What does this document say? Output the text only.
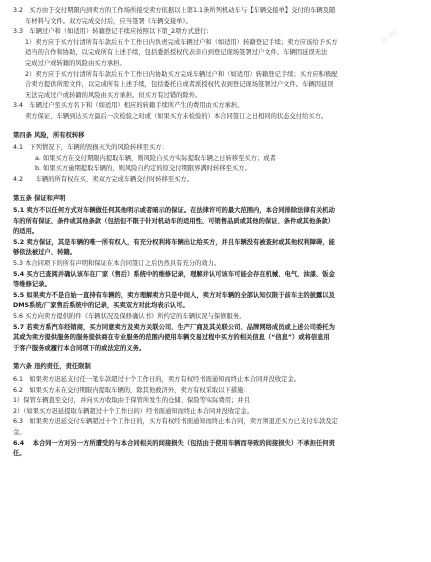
ai Hit

3.2　买方由于交付期限内到卖方的工作场所接受卖方依据以上第1.1条所列机动车与【车辆交接单】交付的车辆及随

车材料与文件。双方完成交付后，应当签署《车辆交接单》。

3.3　车辆过户和（如适用）转籍登记手续应按照以下第_2项方式进行:

1）卖方应于买方付清所有车款后五个工作日内负责完成车辆过户和（如适用）转籍登记手续；卖方应该给予买方

适当的合作和协助，以完成所有上述手续，包括委派授权代表亲自到登记现场签署过户文件。车辆因延误无法

完成过户或转籍的风险由买方承担。

2）卖方应于买方付清所有车款后五个工作日内协助买方完成车辆过户和（如适用）转籍登记手续；买方应积极配

合卖方提供所需文件，以完成所有上述手续，包括委托自或者派授权代表到登记现场签署过户文件。车辆因延误

无法完成过户或转籍的风险由买方承担。但买方有过错的除外。

3.4　车辆过户至买方名下和（如适用）相应的转籍手续所产生的费用由买方承担。

卖方保证，车辆到达买方最后一次检验之时或（如果买方未检验的）本合同签订之日相同的状态交付给买方。

第四条 风险，所有权转移

4.1　下列情况下，车辆的毁损灭失的风险转移至买方：

a. 如果买方在交付期限内提取车辆，则风险自买方实际提取车辆之日转移至买方；或者

b. 如果买方逾期提取车辆的，则风险自约定的原交付期限界满时转移至买方。

4.2　　车辆的所有权在买、卖双方完成车辆交付时转移至买方。

第五条 保证和声明

5.1 卖方不以任何方式对车辆做任何其他明示或者暗示的保证。在法律许可的最大范围内，本合同排除法律有关机动

车的所有保证、条件或其他条款（包括但不限于针对机动车的适用性、可销售品质或其他的保证、条件或其他条款）

的适用。

5.2 卖方保证，其是车辆的唯一所有权人，有充分权利将车辆出让给买方，并且车辆没有被查封或其他权利障碍，能

够依法被过户、转籍。

5.3 本合同项下的所有声明和保证在本合同签订之后仍然具有充分的效力。

5.4 买方已查阅并确认该车在厂家（售后）系统中的维修记录，理解并认可该车可能会存在机械、电气、油漆、钣金

等维修记录。

5.5 如果卖方不是自始一直持有车辆的，卖方理解卖方只是中间人，卖方对车辆的全部认知仅限于前车主的披露以及

DMS系统/厂家售后系统中的记录，买卖双方对此均表示认可。

5.6 买方向卖方提供附件《车辆状况及保修确认书》所约定的车辆状况与保修服务。

5.7 若卖方系汽车经销商，买方同意卖方及卖方关联公司、生产厂商及其关联公司、品牌网络成员或上述公司委托为

其或为卖方提供服务的服务提供商在专业服务的范围内使用车辆交易过程中买方的相关信息（“信息”）或将信息用

于客户服务或履行本合同项下的或法定的义务。

第六条 违约责任，责任限制

6.1　如果卖方迟延支付任一笔车款超过十个工作日的，卖方有权经书面通知而终止本合同并没收定金。

6.2　如果买方未在交付期限内提取车辆的，除其他救济外，卖方有权采取以下措施：

1）保管车辆直至交付，并向买方收取由于保管所发生的仓储、保险等实际费用；并且

2）（如果买方迟延提取车辆超过十个工作日的）经书面通知而终止本合同并没收定金。

6.3　如果卖方迟延交付车辆超过十个工作日的，买方有权经书面通知而终止本合同，卖方须退还买方已支付车款及定

金。

6.4 　本合同一方对另一方所遭受的与本合同相关的间接损失（包括由于使用车辆而导致的间接损失）不承担任何责

任。
